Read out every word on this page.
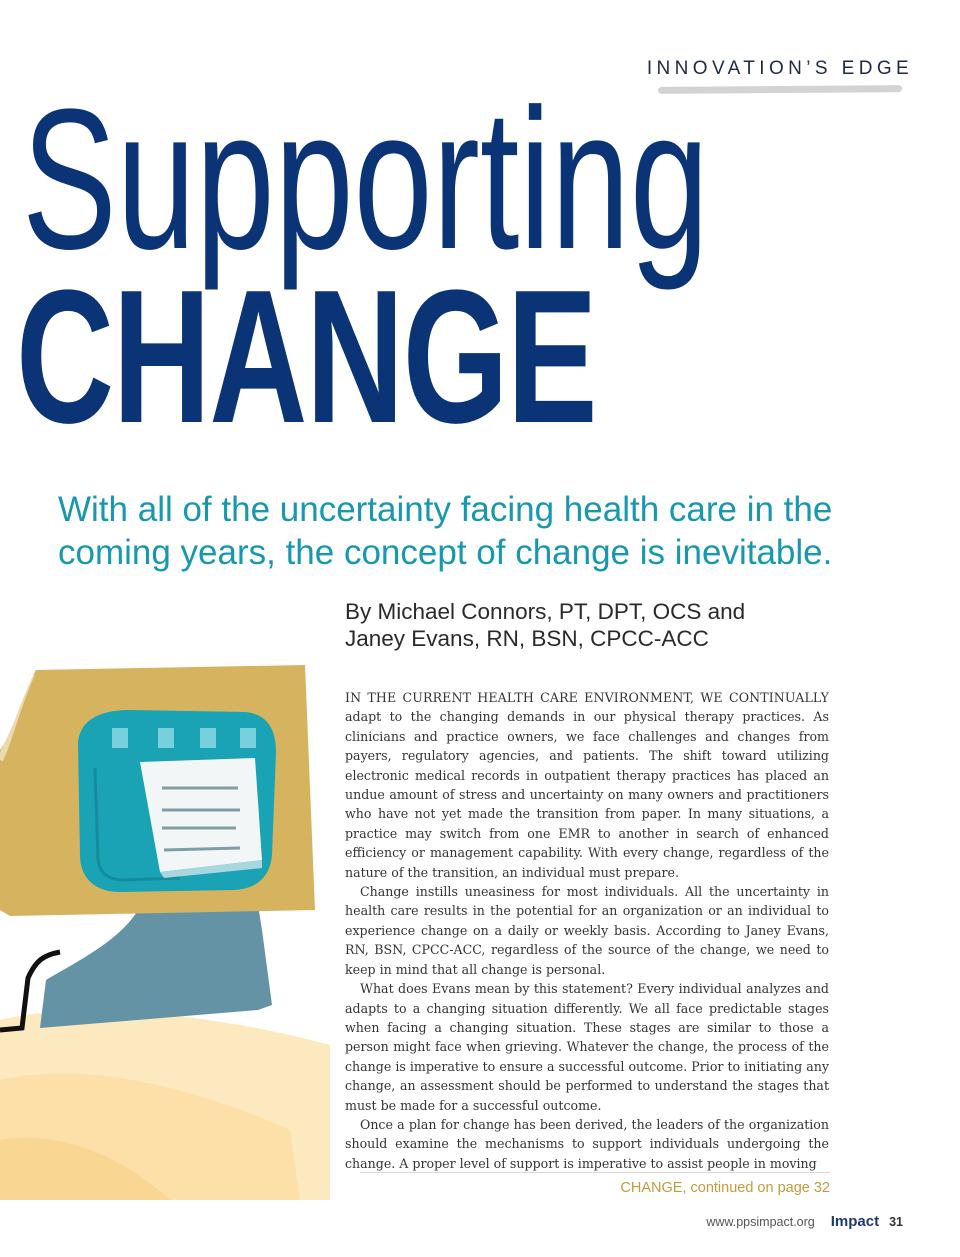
INNOVATION’S EDGE
Supporting
CHANGE
With all of the uncertainty facing health care in the
coming years, the concept of change is inevitable.
By Michael Connors, PT, DPT, OCS and
Janey Evans, RN, BSN, CPCC-ACC

IN THE CURRENT HEALTH CARE ENVIRONMENT, WE CONTINUALLY adapt to the changing demands in our physical therapy practices. As clinicians and practice owners, we face challenges and changes from payers, regulatory agencies, and patients. The shift toward utilizing electronic medical records in outpatient therapy practices has placed an undue amount of stress and uncertainty on many owners and practitioners who have not yet made the transition from paper. In many situations, a practice may switch from one EMR to another in search of enhanced efficiency or management capability. With every change, regardless of the nature of the transition, an individual must prepare.

Change instills uneasiness for most individuals. All the uncertainty in health care results in the potential for an organization or an individual to experience change on a daily or weekly basis. According to Janey Evans, RN, BSN, CPCC-ACC, regardless of the source of the change, we need to keep in mind that all change is personal.

What does Evans mean by this statement? Every individual analyzes and adapts to a changing situation differently. We all face predictable stages when facing a changing situation. These stages are similar to those a person might face when grieving. Whatever the change, the process of the change is imperative to ensure a successful outcome. Prior to initiating any change, an assessment should be performed to understand the stages that must be made for a successful outcome.

Once a plan for change has been derived, the leaders of the organization should examine the mechanisms to support individuals undergoing the change. A proper level of support is imperative to assist people in moving

CHANGE, continued on page 32
www.ppsimpact.org Impact 31
